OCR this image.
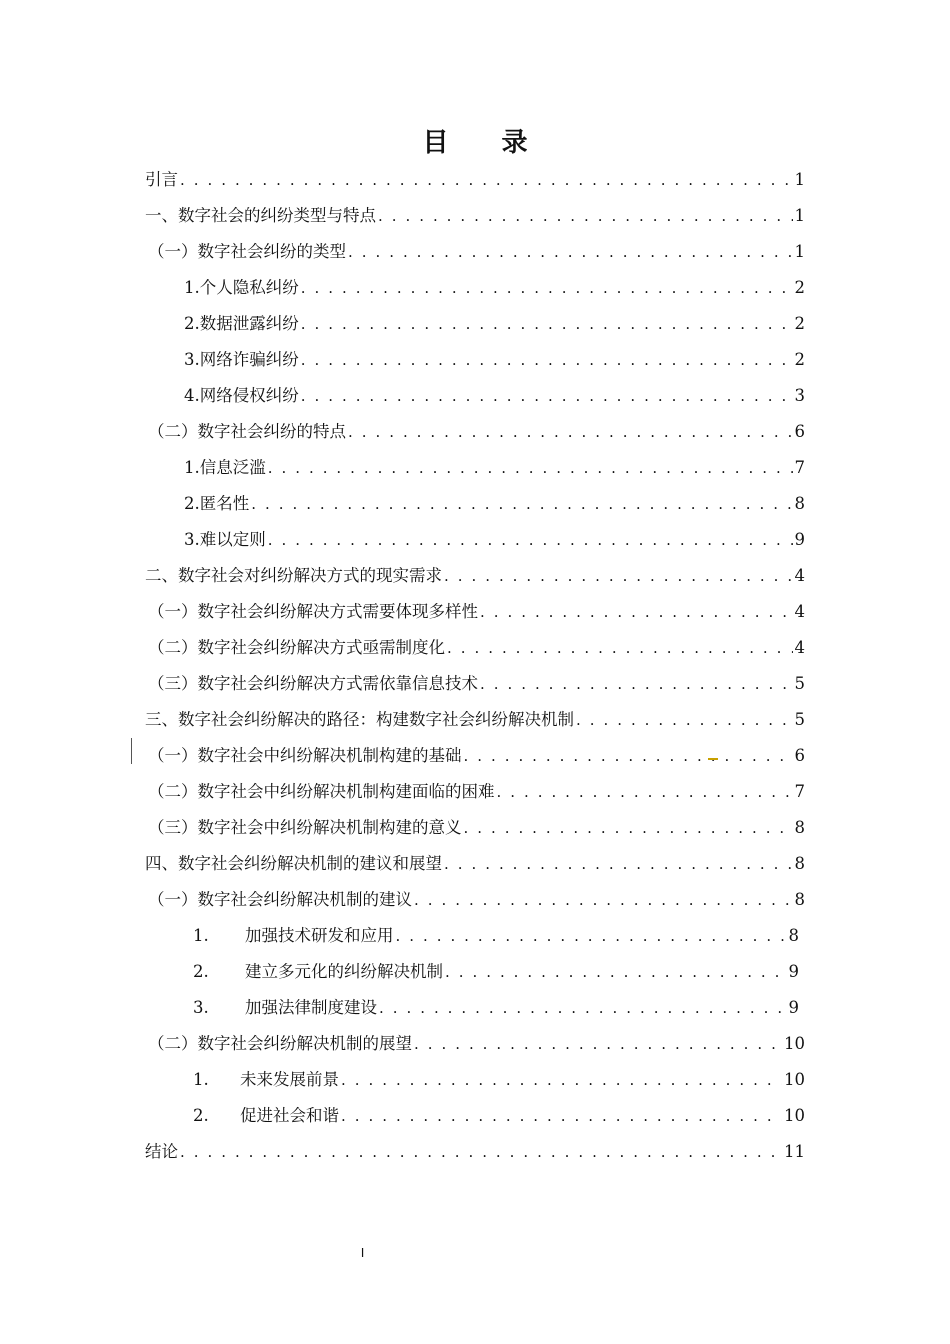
目 录
引言 . . .	1
一、数字社会的纠纷类型与特点 . . .	1
（一）数字社会纠纷的类型 . . .	1
1.个人隐私纠纷 . . .	2
2.数据泄露纠纷 . . .	2
3.网络诈骗纠纷 . . .	2
4.网络侵权纠纷 . . .	3
（二）数字社会纠纷的特点 . . .	6
1.信息泛滥 . . .	7
2.匿名性 . . .	8
3.难以定则 . . .	9
二、数字社会对纠纷解决方式的现实需求 . . .	4
（一）数字社会纠纷解决方式需要体现多样性 . . .	4
（二）数字社会纠纷解决方式亟需制度化 . . .	4
（三）数字社会纠纷解决方式需依靠信息技术 . . .	5
三、数字社会纠纷解决的路径：构建数字社会纠纷解决机制 . . .	5
（一）数字社会中纠纷解决机制构建的基础 . . .	6
（二）数字社会中纠纷解决机制构建面临的困难 . . .	7
（三）数字社会中纠纷解决机制构建的意义 . . .	8
四、数字社会纠纷解决机制的建议和展望 . . .	8
（一）数字社会纠纷解决机制的建议 . . .	8
1.	加强技术研发和应用 . . .	8
2.	建立多元化的纠纷解决机制 . . .	9
3.	加强法律制度建设 . . .	9
（二）数字社会纠纷解决机制的展望 . . .	10
1.	未来发展前景 . . .	10
2.	促进社会和谐 . . .	10
结论 . . .	11
I
